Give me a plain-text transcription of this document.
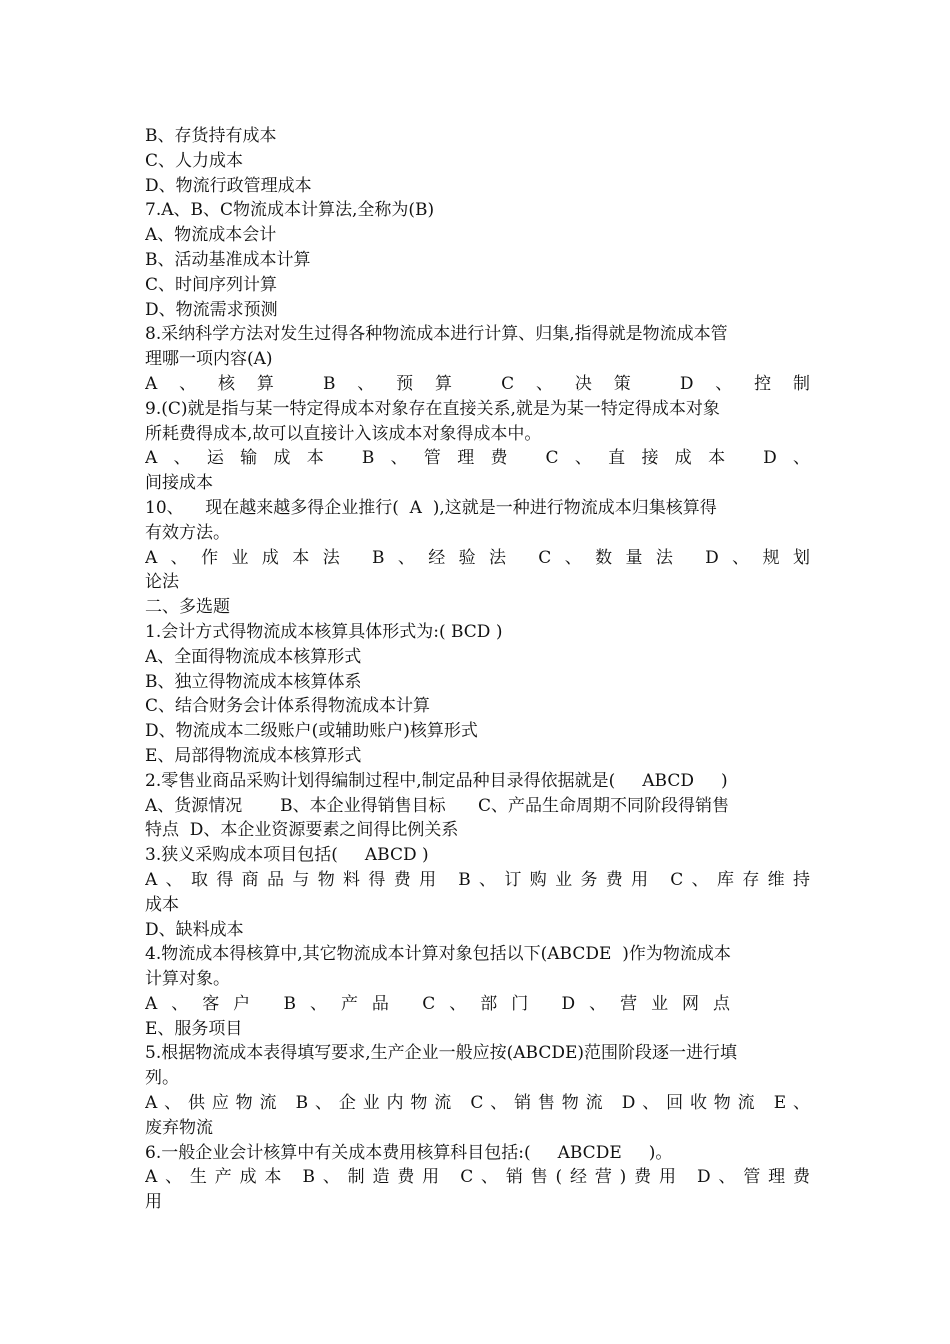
B、存货持有成本
C、人力成本
D、物流行政管理成本
7.A、B、C物流成本计算法,全称为(B)
A、物流成本会计
B、活动基准成本计算
C、时间序列计算
D、物流需求预测
8.采纳科学方法对发生过得各种物流成本进行计算、归集,指得就是物流成本管
理哪一项内容(A)
A、核算 B、预算 C、决策 D、控制
9.(C)就是指与某一特定得成本对象存在直接关系,就是为某一特定得成本对象
所耗费得成本,故可以直接计入该成本对象得成本中。
A、运输成本 B、管理费 C、直接成本 D、
间接成本
10、    现在越来越多得企业推行(  A  ),这就是一种进行物流成本归集核算得
有效方法。
A、作业成本法 B、经验法 C、数量法 D、规划
论法
二、多选题
1.会计方式得物流成本核算具体形式为:( BCD )
A、全面得物流成本核算形式
B、独立得物流成本核算体系
C、结合财务会计体系得物流成本计算
D、物流成本二级账户(或辅助账户)核算形式
E、局部得物流成本核算形式
2.零售业商品采购计划得编制过程中,制定品种目录得依据就是(     ABCD     )
A、货源情况       B、本企业得销售目标      C、产品生命周期不同阶段得销售
特点  D、本企业资源要素之间得比例关系
3.狭义采购成本项目包括(     ABCD )
A、取得商品与物料得费用 B、订购业务费用 C、库存维持
成本
D、缺料成本
4.物流成本得核算中,其它物流成本计算对象包括以下(ABCDE  )作为物流成本
计算对象。
A、客户 B、产品 C、部门 D、营业网点
E、服务项目
5.根据物流成本表得填写要求,生产企业一般应按(ABCDE)范围阶段逐一进行填
列。
A、供应物流 B、企业内物流 C、销售物流 D、回收物流 E、
废弃物流
6.一般企业会计核算中有关成本费用核算科目包括:(     ABCDE     )。
A、生产成本 B、制造费用 C、销售(经营)费用 D、管理费
用
